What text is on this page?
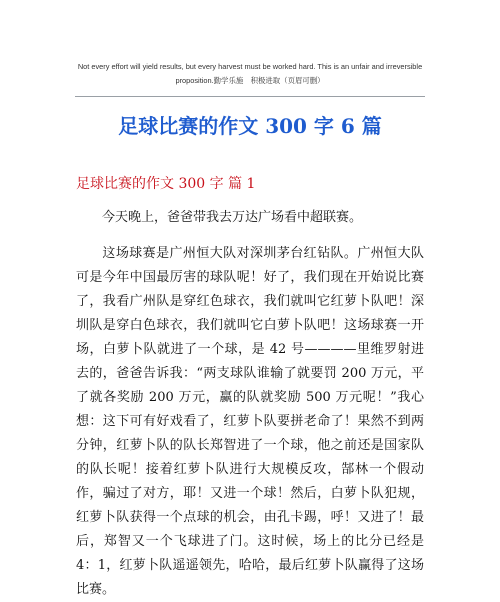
Not every effort will yield results, but every harvest must be worked hard. This is an unfair and irreversible
proposition.勤学乐施　积极进取（页眉可删）
足球比赛的作文 300 字 6 篇
足球比赛的作文 300 字 篇 1

今天晚上，爸爸带我去万达广场看中超联赛。

这场球赛是广州恒大队对深圳茅台红钻队。广州恒大队可是今年中国最厉害的球队呢！好了，我们现在开始说比赛了，我看广州队是穿红色球衣，我们就叫它红萝卜队吧！深圳队是穿白色球衣，我们就叫它白萝卜队吧！这场球赛一开场，白萝卜队就进了一个球，是 42 号————里维罗射进去的，爸爸告诉我：“两支球队谁输了就要罚 200 万元，平了就各奖励 200 万元，赢的队就奖励 500 万元呢！”我心想：这下可有好戏看了，红萝卜队要拼老命了！果然不到两分钟，红萝卜队的队长郑智进了一个球，他之前还是国家队的队长呢！接着红萝卜队进行大规模反攻，郜林一个假动作，骗过了对方，耶！又进一个球！然后，白萝卜队犯规，红萝卜队获得一个点球的机会，由孔卡踢，呼！又进了！最后，郑智又一个飞球进了门。这时候，场上的比分已经是 4：1，红萝卜队遥遥领先，哈哈，最后红萝卜队赢得了这场比赛。
